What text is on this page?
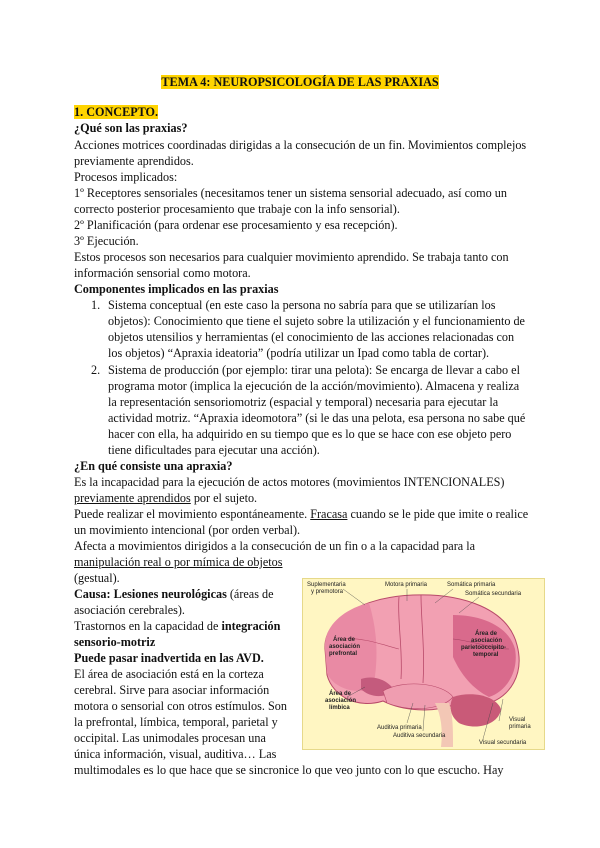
TEMA 4: NEUROPSICOLOGÍA DE LAS PRAXIAS
1. CONCEPTO.
¿Qué son las praxias?
Acciones motrices coordinadas dirigidas a la consecución de un fin. Movimientos complejos
previamente aprendidos.
Procesos implicados:
1º Receptores sensoriales (necesitamos tener un sistema sensorial adecuado, así como un
correcto posterior procesamiento que trabaje con la info sensorial).
2º Planificación (para ordenar ese procesamiento y esa recepción).
3º Ejecución.
Estos procesos son necesarios para cualquier movimiento aprendido. Se trabaja tanto con
información sensorial como motora.
Componentes implicados en las praxias
1. Sistema conceptual (en este caso la persona no sabría para que se utilizarían los
objetos): Conocimiento que tiene el sujeto sobre la utilización y el funcionamiento de
objetos utensilios y herramientas (el conocimiento de las acciones relacionadas con
los objetos) “Apraxia ideatoria” (podría utilizar un Ipad como tabla de cortar).
2. Sistema de producción (por ejemplo: tirar una pelota): Se encarga de llevar a cabo el
programa motor (implica la ejecución de la acción/movimiento). Almacena y realiza
la representación sensoriomotriz (espacial y temporal) necesaria para ejecutar la
actividad motriz. “Apraxia ideomotora” (si le das una pelota, esa persona no sabe qué
hacer con ella, ha adquirido en su tiempo que es lo que se hace con ese objeto pero
tiene dificultades para ejecutar una acción).
¿En qué consiste una apraxia?
Es la incapacidad para la ejecución de actos motores (movimientos INTENCIONALES)
previamente aprendidos por el sujeto.
Puede realizar el movimiento espontáneamente. Fracasa cuando se le pide que imite o realice
un movimiento intencional (por orden verbal).
Afecta a movimientos dirigidos a la consecución de un fin o a la capacidad para la
manipulación real o por mímica de objetos
(gestual).
Causa: Lesiones neurológicas (áreas de
asociación cerebrales).
Trastornos en la capacidad de integración
sensorio-motriz
Puede pasar inadvertida en las AVD.
El área de asociación está en la corteza
cerebral. Sirve para asociar información
motora o sensorial con otros estímulos. Son
la prefrontal, límbica, temporal, parietal y
occipital. Las unimodales procesan una
única información, visual, auditiva… Las
multimodales es lo que hace que se sincronice lo que veo junto con lo que escucho. Hay
Suplementaria
y premotora
Motora primaria	Somática primaria
Somática secundaria
Área de
asociación
prefrontal
Área de
asociación
parietooccipito-
temporal
Área de
asociación
límbica
Auditiva primaria
Auditiva secundaria
Visual
primaria
Visual secundaria
